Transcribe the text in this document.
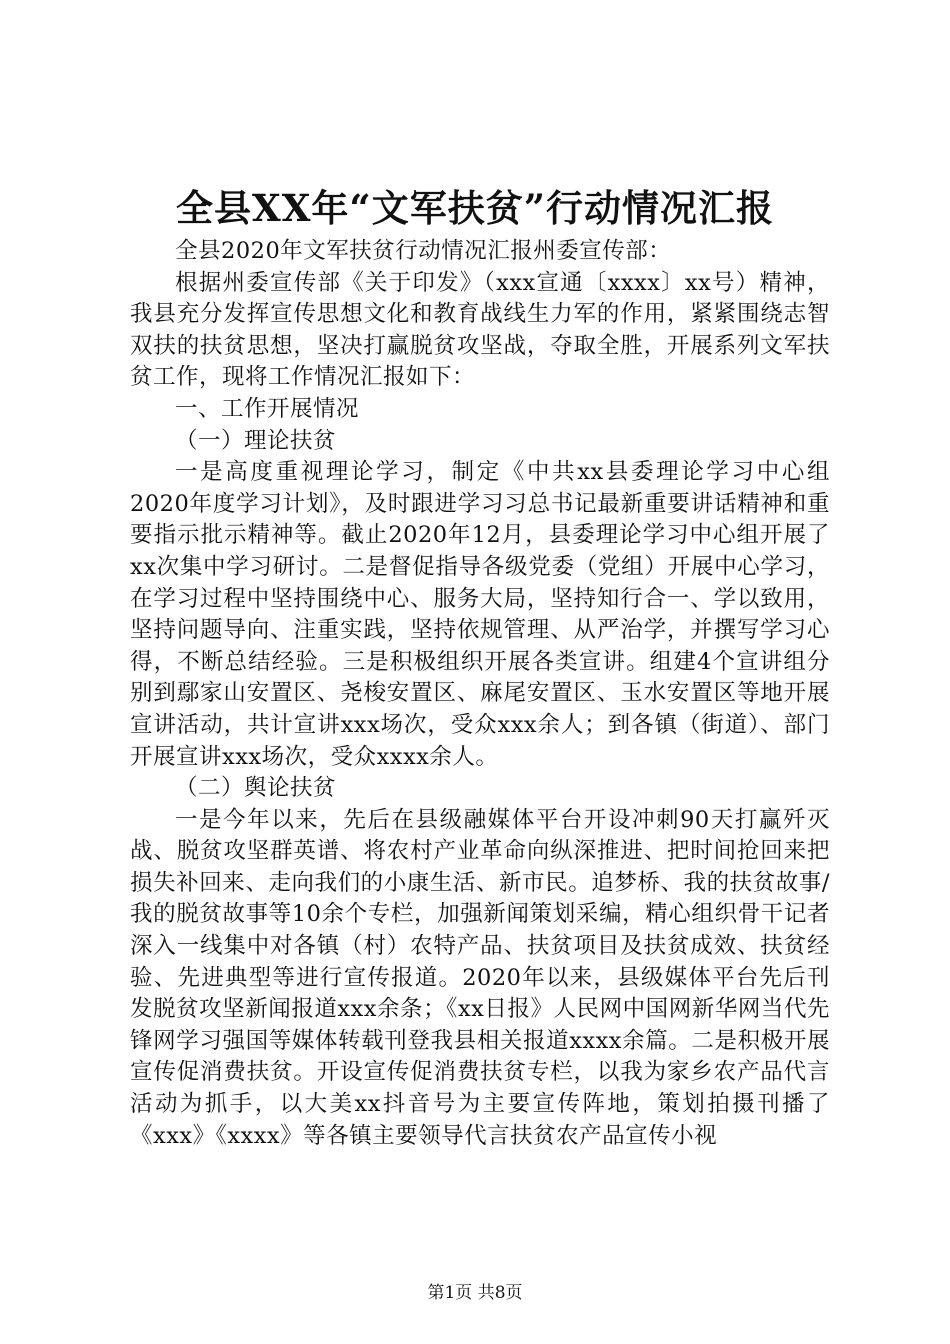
全县XX年“文军扶贫”行动情况汇报

全县2020年文军扶贫行动情况汇报州委宣传部：

根据州委宣传部《关于印发》（xxx宣通〔xxxx〕xx号）精神，我县充分发挥宣传思想文化和教育战线生力军的作用，紧紧围绕志智双扶的扶贫思想，坚决打赢脱贫攻坚战，夺取全胜，开展系列文军扶贫工作，现将工作情况汇报如下：

一、工作开展情况

（一）理论扶贫

一是高度重视理论学习，制定《中共xx县委理论学习中心组2020年度学习计划》，及时跟进学习习总书记最新重要讲话精神和重要指示批示精神等。截止2020年12月，县委理论学习中心组开展了xx次集中学习研讨。二是督促指导各级党委（党组）开展中心学习，在学习过程中坚持围绕中心、服务大局，坚持知行合一、学以致用，坚持问题导向、注重实践，坚持依规管理、从严治学，并撰写学习心得，不断总结经验。三是积极组织开展各类宣讲。组建4个宣讲组分别到鄢家山安置区、尧梭安置区、麻尾安置区、玉水安置区等地开展宣讲活动，共计宣讲xxx场次，受众xxx余人；到各镇（街道）、部门开展宣讲xxx场次，受众xxxx余人。

（二）舆论扶贫

一是今年以来，先后在县级融媒体平台开设冲刺90天打赢歼灭战、脱贫攻坚群英谱、将农村产业革命向纵深推进、把时间抢回来把损失补回来、走向我们的小康生活、新市民。追梦桥、我的扶贫故事/我的脱贫故事等10余个专栏，加强新闻策划采编，精心组织骨干记者深入一线集中对各镇（村）农特产品、扶贫项目及扶贫成效、扶贫经验、先进典型等进行宣传报道。2020年以来，县级媒体平台先后刊发脱贫攻坚新闻报道xxx余条；《xx日报》人民网中国网新华网当代先锋网学习强国等媒体转载刊登我县相关报道xxxx余篇。二是积极开展宣传促消费扶贫。开设宣传促消费扶贫专栏，以我为家乡农产品代言活动为抓手，以大美xx抖音号为主要宣传阵地，策划拍摄刊播了《xxx》《xxxx》等各镇主要领导代言扶贫农产品宣传小视

第1页 共8页
